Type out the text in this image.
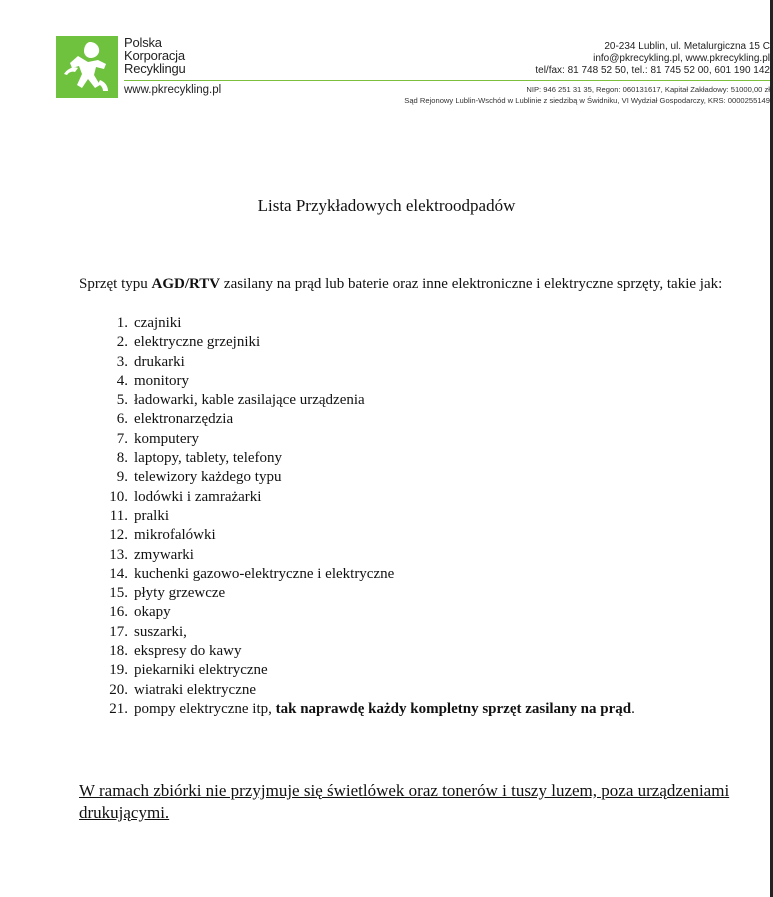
Polska
Korporacja
Recyklingu
www.pkrecykling.pl
20-234 Lublin, ul. Metalurgiczna 15 C
info@pkrecykling.pl, www.pkrecykling.pl
tel/fax: 81 748 52 50, tel.: 81 745 52 00, 601 190 142
NIP: 946 251 31 35, Regon: 060131617, Kapitał Zakładowy: 51000,00 zł
Sąd Rejonowy Lublin-Wschód w Lublinie z siedzibą w Świdniku, VI Wydział Gospodarczy, KRS: 0000255149
Lista Przykładowych elektroodpadów
Sprzęt typu AGD/RTV zasilany na prąd lub baterie oraz inne elektroniczne i elektryczne sprzęty, takie jak:
1. czajniki
2. elektryczne grzejniki
3. drukarki
4. monitory
5. ładowarki, kable zasilające urządzenia
6. elektronarzędzia
7. komputery
8. laptopy, tablety, telefony
9. telewizory każdego typu
10. lodówki i zamrażarki
11. pralki
12. mikrofalówki
13. zmywarki
14. kuchenki gazowo-elektryczne i elektryczne
15. płyty grzewcze
16. okapy
17. suszarki,
18. ekspresy do kawy
19. piekarniki elektryczne
20. wiatraki elektryczne
21. pompy elektryczne itp, tak naprawdę każdy kompletny sprzęt zasilany na prąd .
W ramach zbiórki nie przyjmuje się świetlówek oraz tonerów i tuszy luzem, poza urządzeniami drukującymi.
